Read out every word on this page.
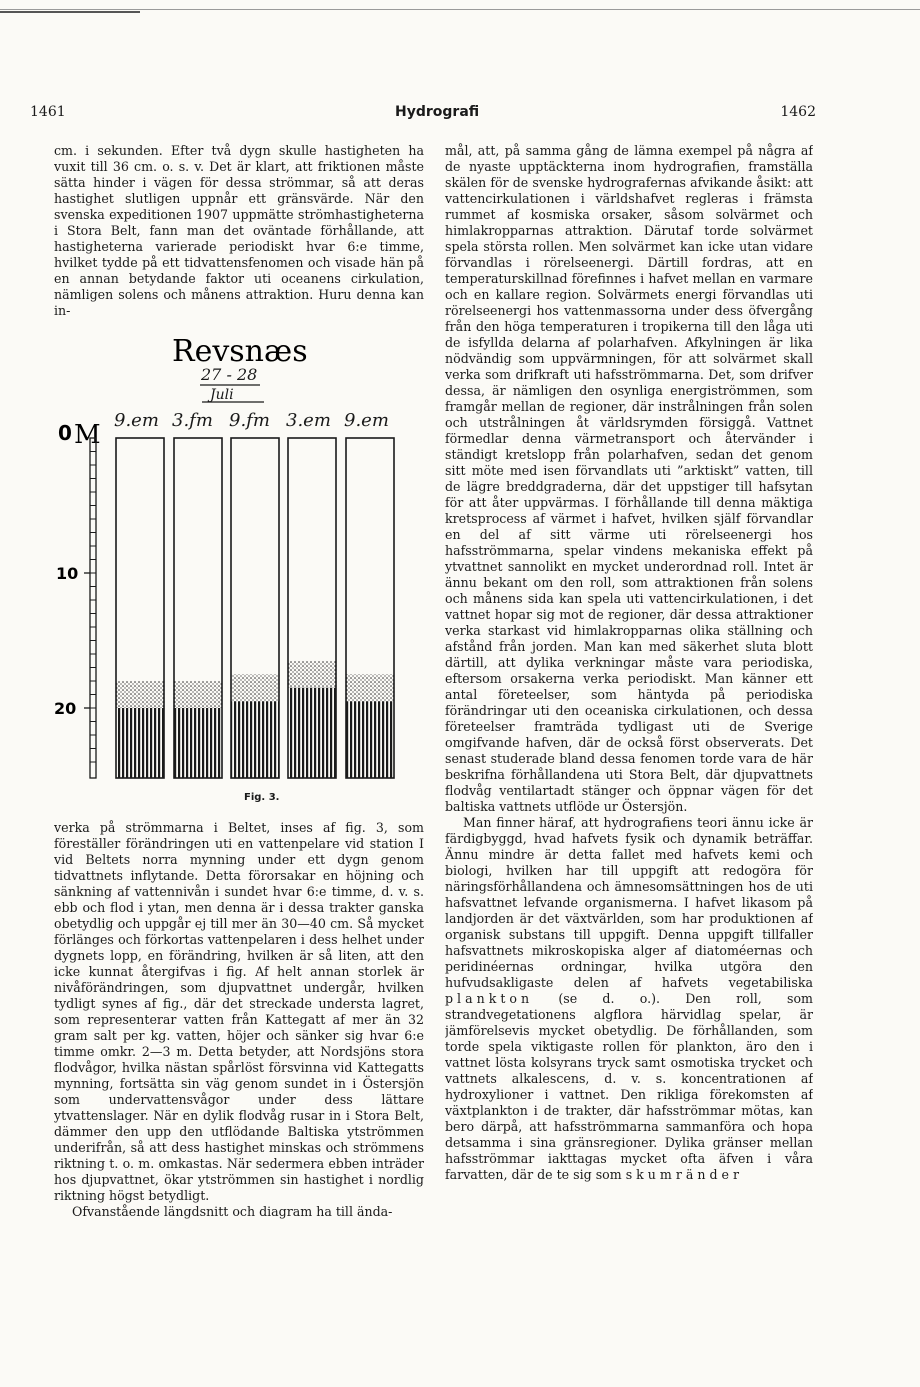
1461	Hydrografi	1462

cm. i sekunden. Efter två dygn skulle hastigheten ha vuxit till 36 cm. o. s. v. Det är klart, att friktionen måste sätta hinder i vägen för dessa strömmar, så att deras hastighet slutligen uppnår ett gränsvärde. När den svenska expeditionen 1907 uppmätte strömhastigheterna i Stora Belt, fann man det oväntade förhållande, att hastigheterna varierade periodiskt hvar 6:e timme, hvilket tydde på ett tidvattensfenomen och visade hän på en annan betydande faktor uti oceanens cirkulation, nämligen solens och månens attraktion. Huru denna kan in-

Revsnæs
27 - 28
Juli
0 M
10
20
9.em 3.fm 9.fm 3.em 9.em
Fig. 3.

verka på strömmarna i Beltet, inses af fig. 3, som föreställer förändringen uti en vattenpelare vid station I vid Beltets norra mynning under ett dygn genom tidvattnets inflytande. Detta förorsakar en höjning och sänkning af vattennivån i sundet hvar 6:e timme, d. v. s. ebb och flod i ytan, men denna är i dessa trakter ganska obetydlig och uppgår ej till mer än 30—40 cm. Så mycket förlänges och förkortas vattenpelaren i dess helhet under dygnets lopp, en förändring, hvilken är så liten, att den icke kunnat återgifvas i fig. Af helt annan storlek är nivåförändringen, som djupvattnet undergår, hvilken tydligt synes af fig., där det streckade understa lagret, som representerar vatten från Kattegatt af mer än 32 gram salt per kg. vatten, höjer och sänker sig hvar 6:e timme omkr. 2—3 m. Detta betyder, att Nordsjöns stora flodvågor, hvilka nästan spårlöst försvinna vid Kattegatts mynning, fortsätta sin väg genom sundet in i Östersjön som undervattensvågor under dess lättare ytvattenslager. När en dylik flodvåg rusar in i Stora Belt, dämmer den upp den utflödande Baltiska ytströmmen underifrån, så att dess hastighet minskas och strömmens riktning t. o. m. omkastas. När sedermera ebben inträder hos djupvattnet, ökar ytströmmen sin hastighet i nordlig riktning högst betydligt.

Ofvanstående längdsnitt och diagram ha till ända-

mål, att, på samma gång de lämna exempel på några af de nyaste upptäckterna inom hydrografien, framställa skälen för de svenske hydrografernas afvikande åsikt: att vattencirkulationen i världshafvet regleras i främsta rummet af kosmiska orsaker, såsom solvärmet och himlakropparnas attraktion. Därutaf torde solvärmet spela största rollen. Men solvärmet kan icke utan vidare förvandlas i rörelseenergi. Därtill fordras, att en temperaturskillnad förefinnes i hafvet mellan en varmare och en kallare region. Solvärmets energi förvandlas uti rörelseenergi hos vattenmassorna under dess öfvergång från den höga temperaturen i tropikerna till den låga uti de isfyllda delarna af polarhafven. Afkylningen är lika nödvändig som uppvärmningen, för att solvärmet skall verka som drifkraft uti hafsströmmarna. Det, som drifver dessa, är nämligen den osynliga energiströmmen, som framgår mellan de regioner, där instrålningen från solen och utstrålningen åt världsrymden försiggå. Vattnet förmedlar denna värmetransport och återvänder i ständigt kretslopp från polarhafven, sedan det genom sitt möte med isen förvandlats uti ”arktiskt” vatten, till de lägre breddgraderna, där det uppstiger till hafsytan för att åter uppvärmas. I förhållande till denna mäktiga kretsprocess af värmet i hafvet, hvilken själf förvandlar en del af sitt värme uti rörelseenergi hos hafsströmmarna, spelar vindens mekaniska effekt på ytvattnet sannolikt en mycket underordnad roll. Intet är ännu bekant om den roll, som attraktionen från solens och månens sida kan spela uti vattencirkulationen, i det vattnet hopar sig mot de regioner, där dessa attraktioner verka starkast vid himlakropparnas olika ställning och afstånd från jorden. Man kan med säkerhet sluta blott därtill, att dylika verkningar måste vara periodiska, eftersom orsakerna verka periodiskt. Man känner ett antal företeelser, som häntyda på periodiska förändringar uti den oceaniska cirkulationen, och dessa företeelser framträda tydligast uti de Sverige omgifvande hafven, där de också först observerats. Det senast studerade bland dessa fenomen torde vara de här beskrifna förhållandena uti Stora Belt, där djupvattnets flodvåg ventilartadt stänger och öppnar vägen för det baltiska vattnets utflöde ur Östersjön.

Man finner häraf, att hydrografiens teori ännu icke är färdigbyggd, hvad hafvets fysik och dynamik beträffar. Ännu mindre är detta fallet med hafvets kemi och biologi, hvilken har till uppgift att redogöra för näringsförhållandena och ämnesomsättningen hos de uti hafsvattnet lefvande organismerna. I hafvet likasom på landjorden är det växtvärlden, som har produktionen af organisk substans till uppgift. Denna uppgift tillfaller hafsvattnets mikroskopiska alger af diatoméernas och peridinéernas ordningar, hvilka utgöra den hufvudsakligaste delen af hafvets vegetabiliska plankton (se d. o.). Den roll, som strandvegetationens algflora härvidlag spelar, är jämförelsevis mycket obetydlig. De förhållanden, som torde spela viktigaste rollen för plankton, äro den i vattnet lösta kolsyrans tryck samt osmotiska trycket och vattnets alkalescens, d. v. s. koncentrationen af hydroxylioner i vattnet. Den rikliga förekomsten af växtplankton i de trakter, där hafsströmmar mötas, kan bero därpå, att hafsströmmarna sammanföra och hopa detsamma i sina gränsregioner. Dylika gränser mellan hafsströmmar iakttagas mycket ofta äfven i våra farvatten, där de te sig som skumränder
